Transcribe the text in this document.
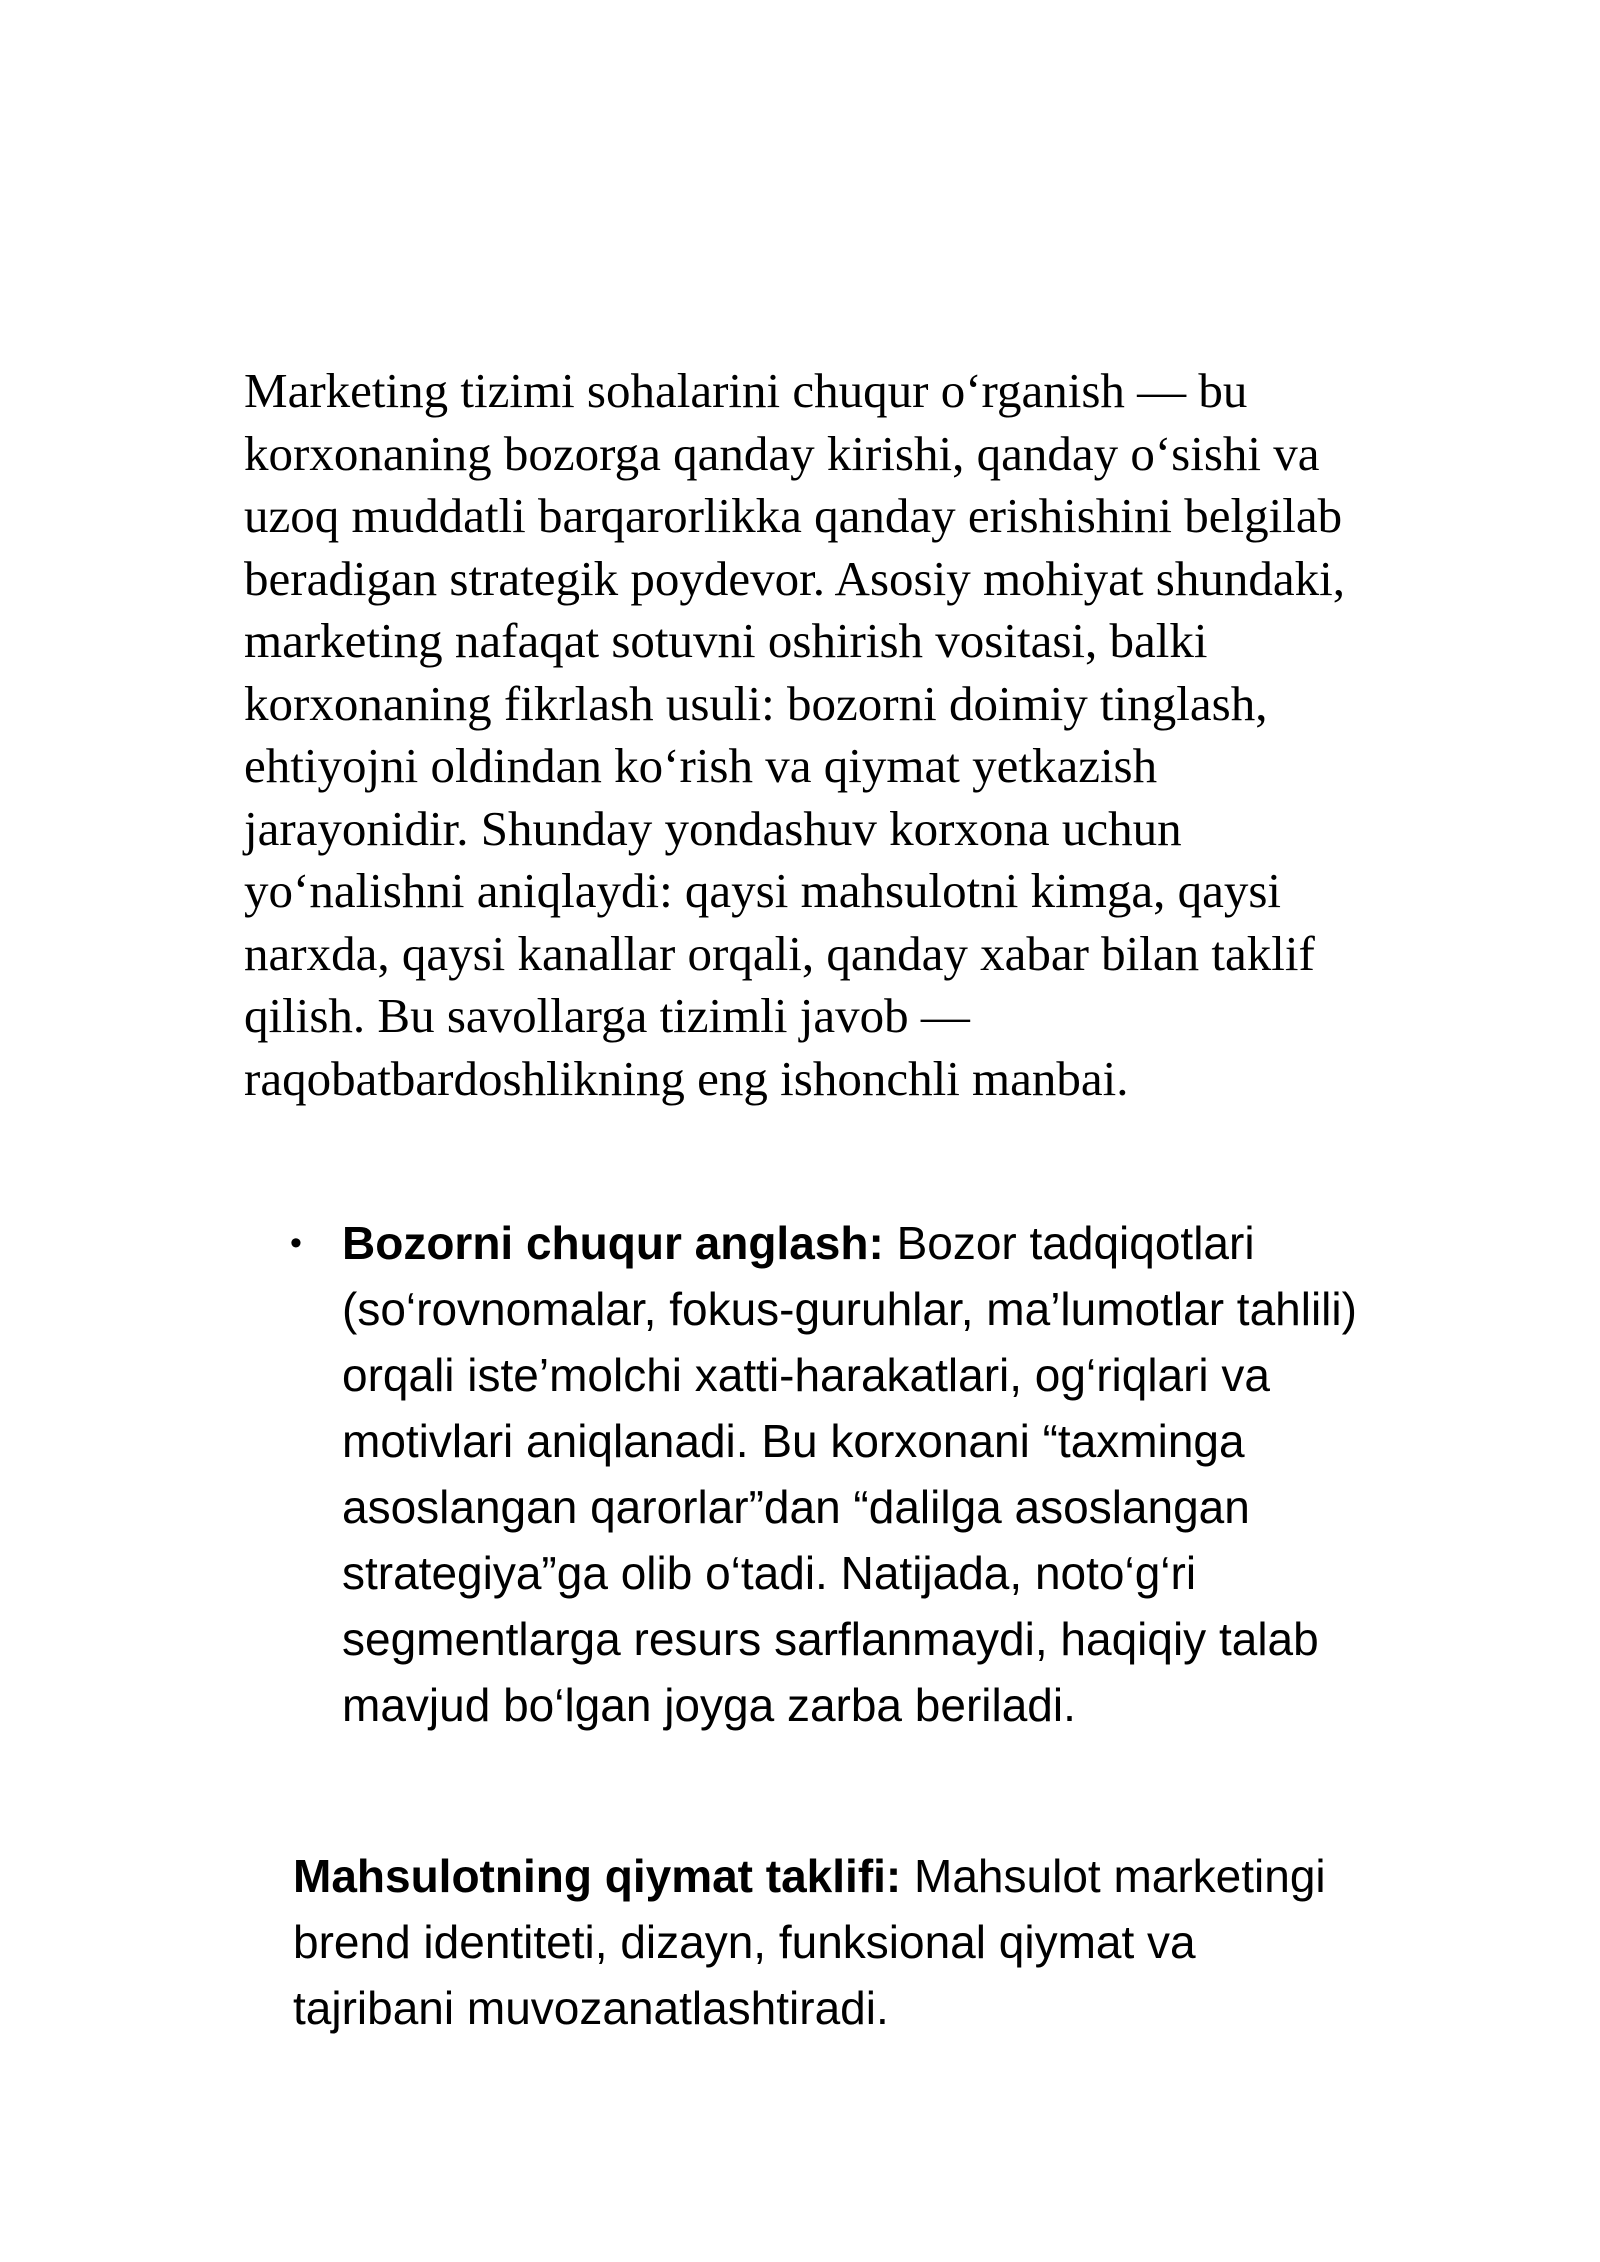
Marketing tizimi sohalarini chuqur o‘rganish — bu korxonaning bozorga qanday kirishi, qanday o‘sishi va uzoq muddatli barqarorlikka qanday erishishini belgilab beradigan strategik poydevor. Asosiy mohiyat shundaki, marketing nafaqat sotuvni oshirish vositasi, balki korxonaning fikrlash usuli: bozorni doimiy tinglash, ehtiyojni oldindan ko‘rish va qiymat yetkazish jarayonidir. Shunday yondashuv korxona uchun yo‘nalishni aniqlaydi: qaysi mahsulotni kimga, qaysi narxda, qaysi kanallar orqali, qanday xabar bilan taklif qilish. Bu savollarga tizimli javob — raqobatbardoshlikning eng ishonchli manbai.

• Bozorni chuqur anglash: Bozor tadqiqotlari (so‘rovnomalar, fokus-guruhlar, ma’lumotlar tahlili) orqali iste’molchi xatti-harakatlari, og‘riqlari va motivlari aniqlanadi. Bu korxonani “taxminga asoslangan qarorlar”dan “dalilga asoslangan strategiya”ga olib o‘tadi. Natijada, noto‘g‘ri segmentlarga resurs sarflanmaydi, haqiqiy talab mavjud bo‘lgan joyga zarba beriladi.

Mahsulotning qiymat taklifi: Mahsulot marketingi brend identiteti, dizayn, funksional qiymat va tajribani muvozanatlashtiradi.
